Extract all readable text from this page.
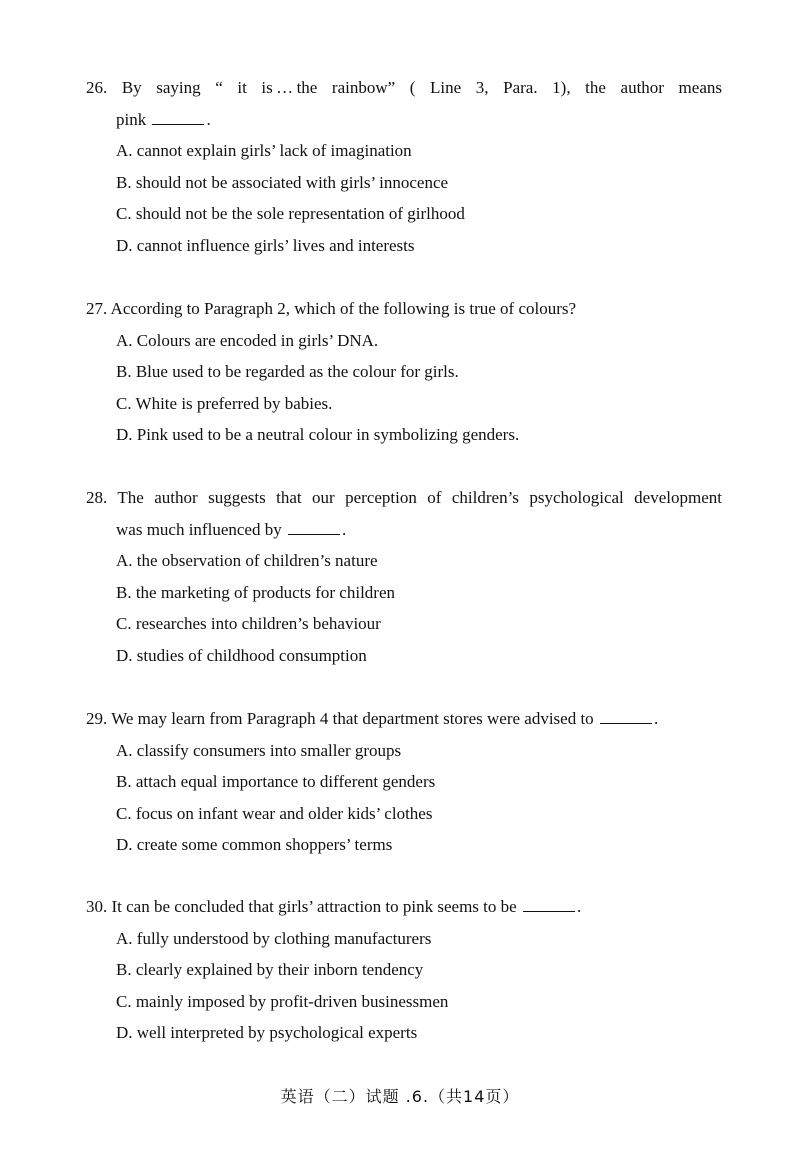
26. By saying “ it is … the rainbow” ( Line 3, Para. 1), the author means
pink	.
A. cannot explain girls’ lack of imagination
B. should not be associated with girls’ innocence
C. should not be the sole representation of girlhood
D. cannot influence girls’ lives and interests
27. According to Paragraph 2, which of the following is true of colours?
A. Colours are encoded in girls’ DNA.
B. Blue used to be regarded as the colour for girls.
C. White is preferred by babies.
D. Pink used to be a neutral colour in symbolizing genders.
28. The author suggests that our perception of children’s psychological development
was much influenced by	.
A. the observation of children’s nature
B. the marketing of products for children
C. researches into children’s behaviour
D. studies of childhood consumption
29. We may learn from Paragraph 4 that department stores were advised to	.
A. classify consumers into smaller groups
B. attach equal importance to different genders
C. focus on infant wear and older kids’ clothes
D. create some common shoppers’ terms
30. It can be concluded that girls’ attraction to pink seems to be	.
A. fully understood by clothing manufacturers
B. clearly explained by their inborn tendency
C. mainly imposed by profit-driven businessmen
D. well interpreted by psychological experts
英语（二）试题 .6.（共14页）
